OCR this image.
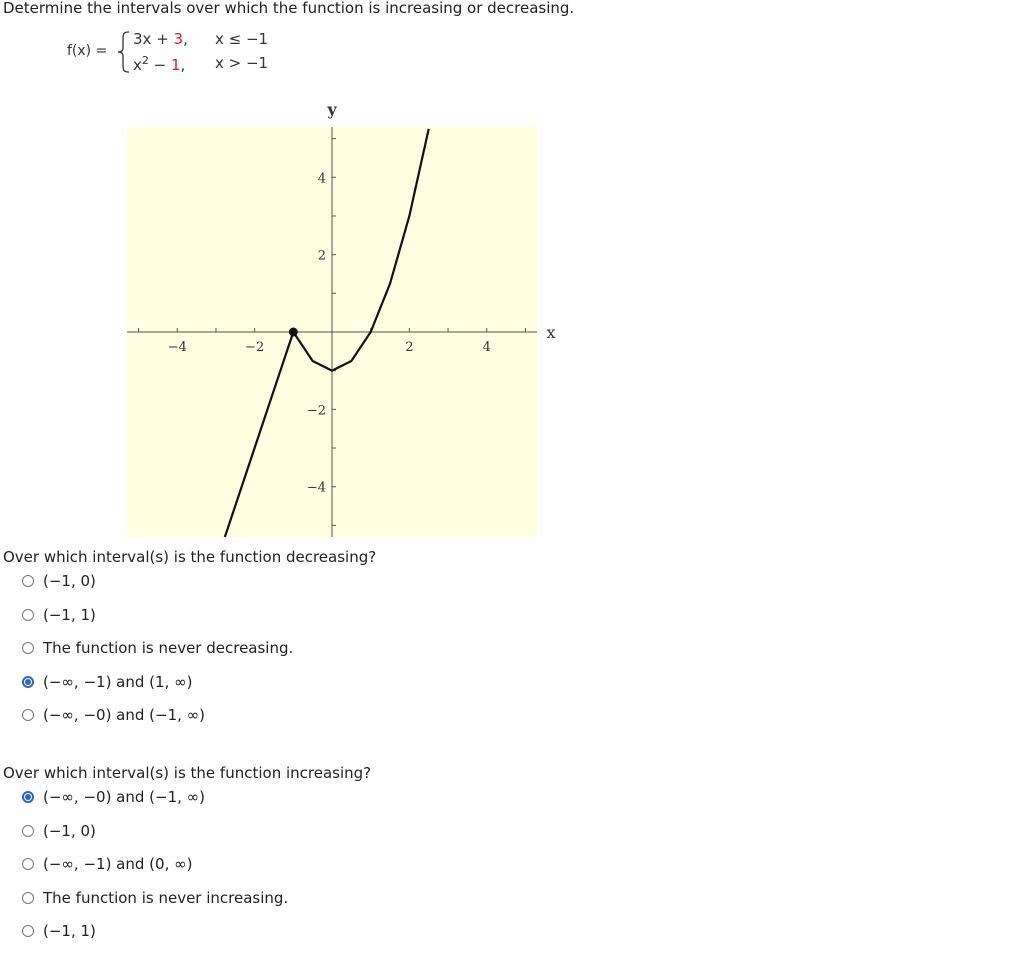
Determine the intervals over which the function is increasing or decreasing.
f(x) =
3x + 3, x ≤ −1
$x^2 - 1$, x > −1
−4	−2	2	4
4
2
−2
−4
x
y
Over which interval(s) is the function decreasing?
(−1, 0)
(−1, 1)
The function is never decreasing.
(−∞, −1) and (1, ∞)
(−∞, −0) and (−1, ∞)
Over which interval(s) is the function increasing?
(−∞, −0) and (−1, ∞)
(−1, 0)
(−∞, −1) and (0, ∞)
The function is never increasing.
(−1, 1)
